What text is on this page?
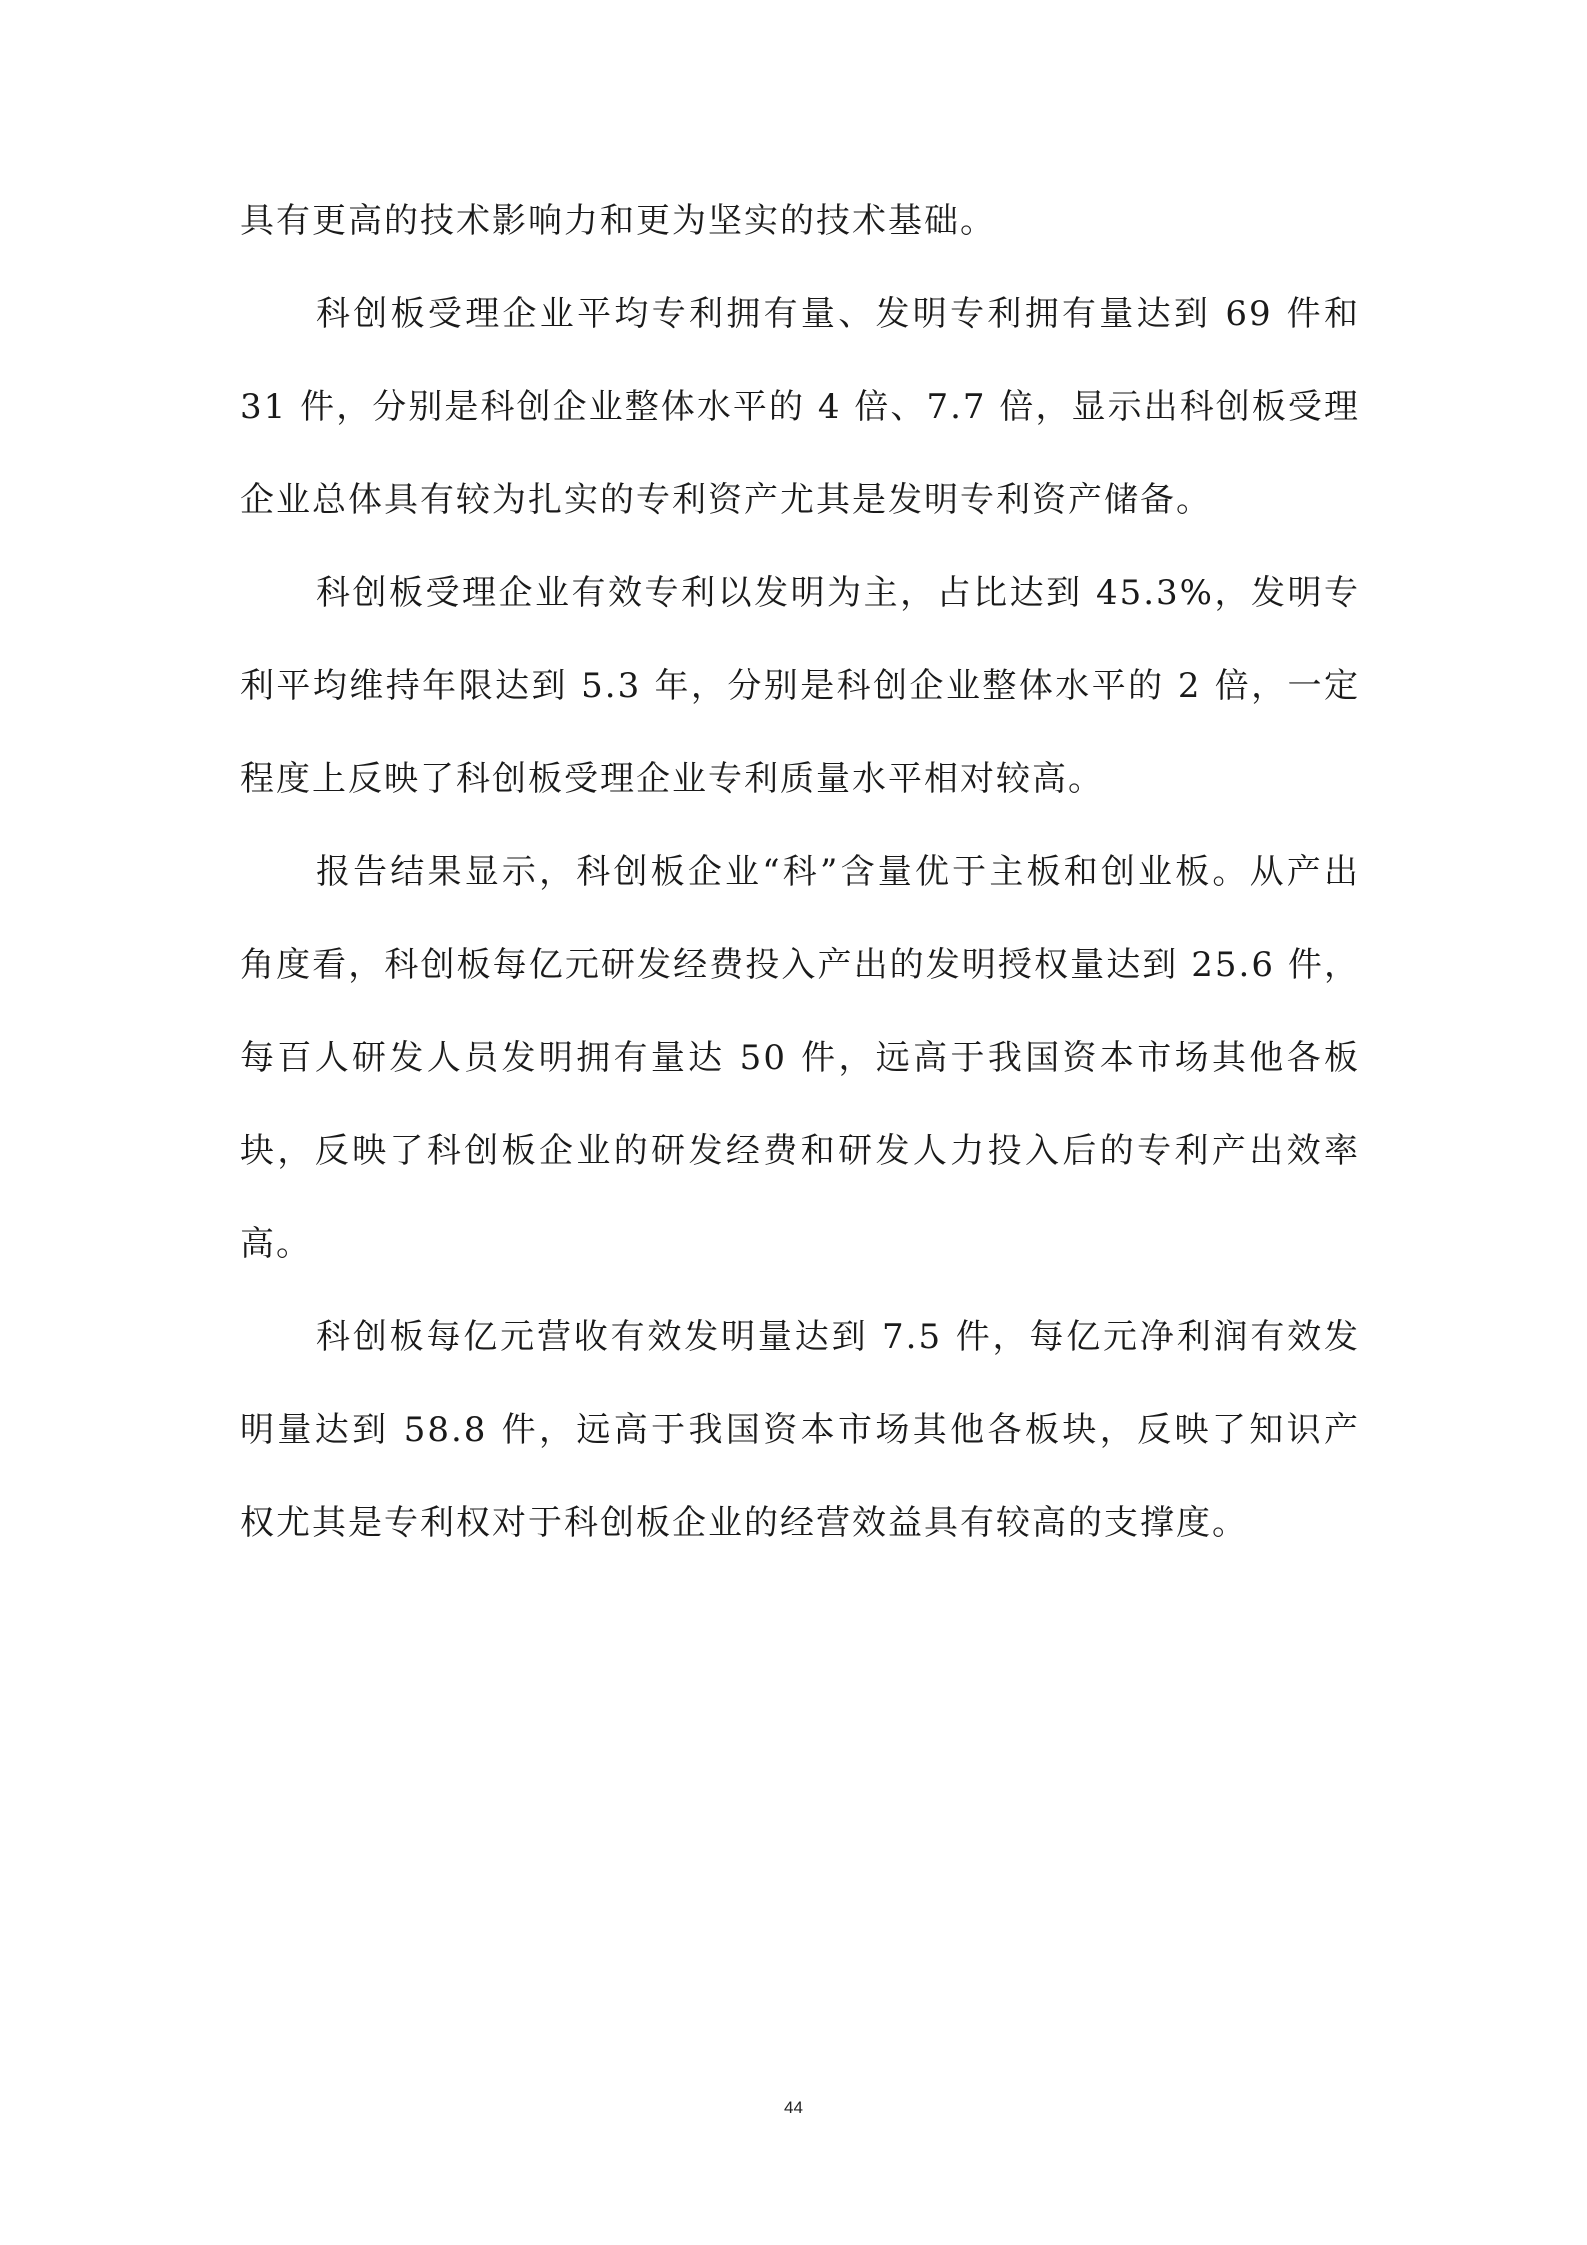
具有更高的技术影响力和更为坚实的技术基础。
科创板受理企业平均专利拥有量、发明专利拥有量达到 69 件和
31 件，分别是科创企业整体水平的 4 倍、7.7 倍，显示出科创板受理
企业总体具有较为扎实的专利资产尤其是发明专利资产储备。
科创板受理企业有效专利以发明为主，占比达到 45.3%，发明专
利平均维持年限达到 5.3 年，分别是科创企业整体水平的 2 倍，一定
程度上反映了科创板受理企业专利质量水平相对较高。
报告结果显示，科创板企业“科”含量优于主板和创业板。从产出
角度看，科创板每亿元研发经费投入产出的发明授权量达到 25.6 件，
每百人研发人员发明拥有量达 50 件，远高于我国资本市场其他各板
块，反映了科创板企业的研发经费和研发人力投入后的专利产出效率
高。
科创板每亿元营收有效发明量达到 7.5 件，每亿元净利润有效发
明量达到 58.8 件，远高于我国资本市场其他各板块，反映了知识产
权尤其是专利权对于科创板企业的经营效益具有较高的支撑度。
44
